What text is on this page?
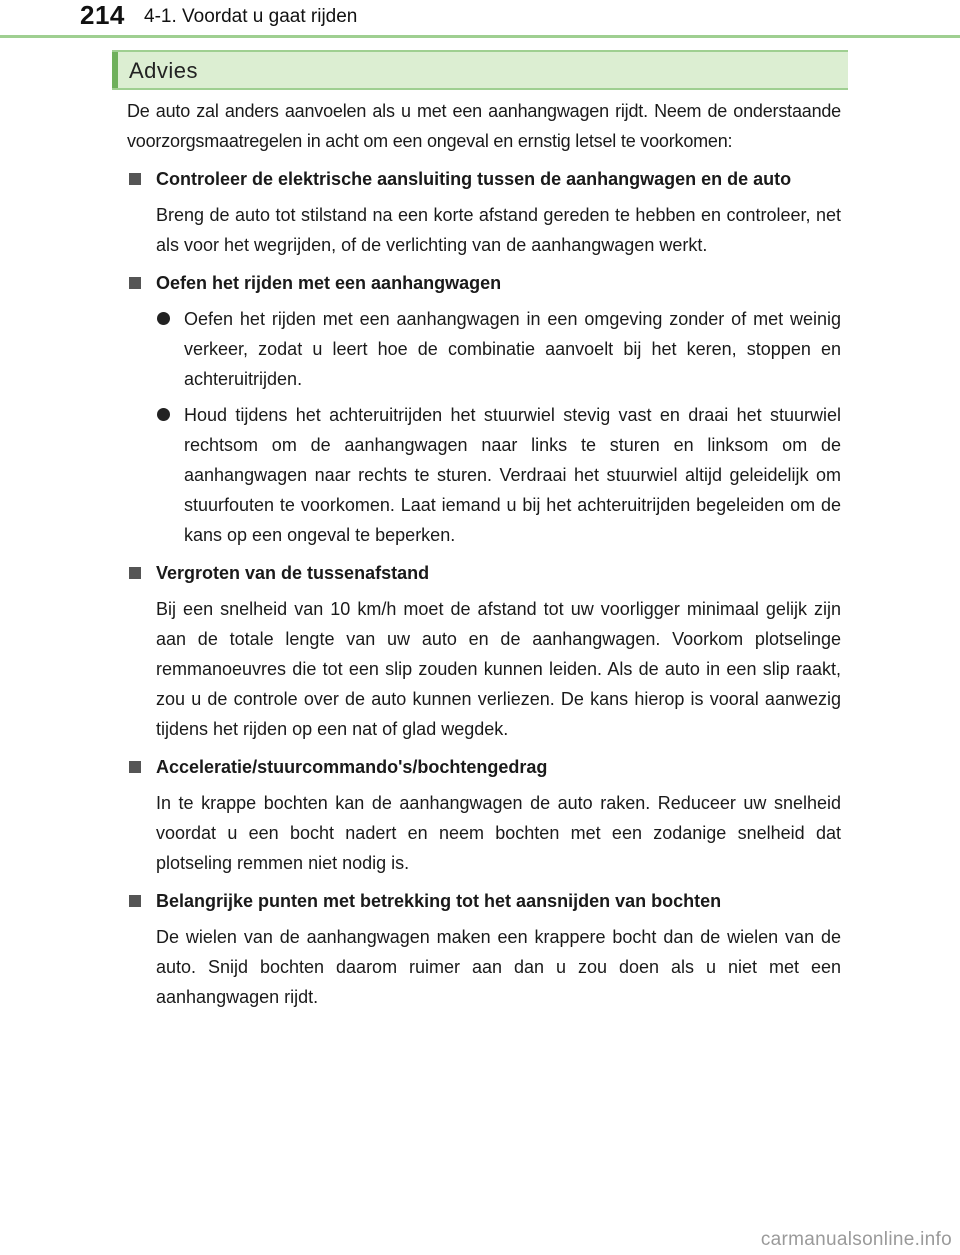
214 4-1. Voordat u gaat rijden
Advies

De auto zal anders aanvoelen als u met een aanhangwagen rijdt. Neem de onderstaande voorzorgsmaatregelen in acht om een ongeval en ernstig letsel te voorkomen:

Controleer de elektrische aansluiting tussen de aanhangwagen en de auto

Breng de auto tot stilstand na een korte afstand gereden te hebben en controleer, net als voor het wegrijden, of de verlichting van de aanhangwagen werkt.

Oefen het rijden met een aanhangwagen
Oefen het rijden met een aanhangwagen in een omgeving zonder of met weinig verkeer, zodat u leert hoe de combinatie aanvoelt bij het keren, stoppen en achteruitrijden.
Houd tijdens het achteruitrijden het stuurwiel stevig vast en draai het stuurwiel rechtsom om de aanhangwagen naar links te sturen en linksom om de aanhangwagen naar rechts te sturen. Verdraai het stuurwiel altijd geleidelijk om stuurfouten te voorkomen. Laat iemand u bij het achteruitrijden begeleiden om de kans op een ongeval te beperken.
Vergroten van de tussenafstand

Bij een snelheid van 10 km/h moet de afstand tot uw voorligger minimaal gelijk zijn aan de totale lengte van uw auto en de aanhangwagen. Voorkom plotselinge remmanoeuvres die tot een slip zouden kunnen leiden. Als de auto in een slip raakt, zou u de controle over de auto kunnen verliezen. De kans hierop is vooral aanwezig tijdens het rijden op een nat of glad wegdek.

Acceleratie/stuurcommando's/bochtengedrag

In te krappe bochten kan de aanhangwagen de auto raken. Reduceer uw snelheid voordat u een bocht nadert en neem bochten met een zodanige snelheid dat plotseling remmen niet nodig is.

Belangrijke punten met betrekking tot het aansnijden van bochten

De wielen van de aanhangwagen maken een krappere bocht dan de wielen van de auto. Snijd bochten daarom ruimer aan dan u zou doen als u niet met een aanhangwagen rijdt.

carmanualsonline.info
